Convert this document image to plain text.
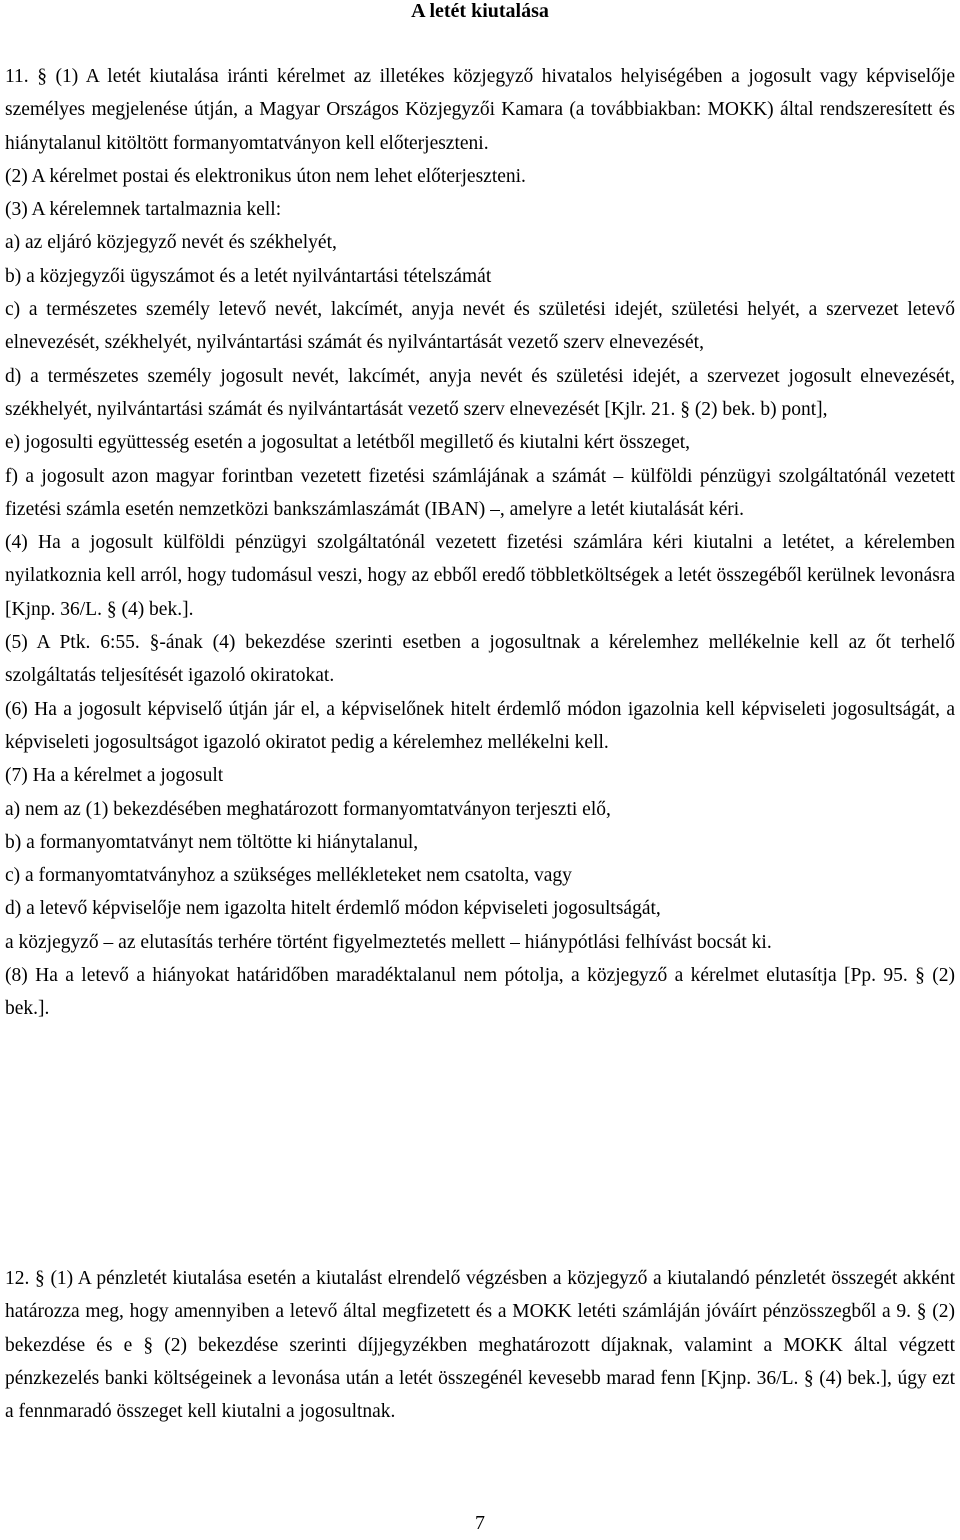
A letét kiutalása

11. § (1) A letét kiutalása iránti kérelmet az illetékes közjegyző hivatalos helyiségében a jogosult vagy képviselője személyes megjelenése útján, a Magyar Országos Közjegyzői Kamara (a továbbiakban: MOKK) által rendszeresített és hiánytalanul kitöltött formanyomtatványon kell előterjeszteni.

(2) A kérelmet postai és elektronikus úton nem lehet előterjeszteni.

(3) A kérelemnek tartalmaznia kell:

a) az eljáró közjegyző nevét és székhelyét,

b) a közjegyzői ügyszámot és a letét nyilvántartási tételszámát

c) a természetes személy letevő nevét, lakcímét, anyja nevét és születési idejét, születési helyét, a szervezet letevő elnevezését, székhelyét, nyilvántartási számát és nyilvántartását vezető szerv elnevezését,

d) a természetes személy jogosult nevét, lakcímét, anyja nevét és születési idejét, a szervezet jogosult elnevezését, székhelyét, nyilvántartási számát és nyilvántartását vezető szerv elnevezését [Kjlr. 21. § (2) bek. b) pont],

e) jogosulti együttesség esetén a jogosultat a letétből megillető és kiutalni kért összeget,

f) a jogosult azon magyar forintban vezetett fizetési számlájának a számát ‒ külföldi pénzügyi szolgáltatónál vezetett fizetési számla esetén nemzetközi bankszámlaszámát (IBAN) ‒, amelyre a letét kiutalását kéri.

(4) Ha a jogosult külföldi pénzügyi szolgáltatónál vezetett fizetési számlára kéri kiutalni a letétet, a kérelemben nyilatkoznia kell arról, hogy tudomásul veszi, hogy az ebből eredő többletköltségek a letét összegéből kerülnek levonásra [Kjnp. 36/L. § (4) bek.].

(5) A Ptk. 6:55. §-ának (4) bekezdése szerinti esetben a jogosultnak a kérelemhez mellékelnie kell az őt terhelő szolgáltatás teljesítését igazoló okiratokat.

(6) Ha a jogosult képviselő útján jár el, a képviselőnek hitelt érdemlő módon igazolnia kell képviseleti jogosultságát, a képviseleti jogosultságot igazoló okiratot pedig a kérelemhez mellékelni kell.

(7) Ha a kérelmet a jogosult

a) nem az (1) bekezdésében meghatározott formanyomtatványon terjeszti elő,

b) a formanyomtatványt nem töltötte ki hiánytalanul,

c) a formanyomtatványhoz a szükséges mellékleteket nem csatolta, vagy

d) a letevő képviselője nem igazolta hitelt érdemlő módon képviseleti jogosultságát,

a közjegyző ‒ az elutasítás terhére történt figyelmeztetés mellett ‒ hiánypótlási felhívást bocsát ki.

(8) Ha a letevő a hiányokat határidőben maradéktalanul nem pótolja, a közjegyző a kérelmet elutasítja [Pp. 95. § (2) bek.].

12. § (1) A pénzletét kiutalása esetén a kiutalást elrendelő végzésben a közjegyző a kiutalandó pénzletét összegét akként határozza meg, hogy amennyiben a letevő által megfizetett és a MOKK letéti számláján jóváírt pénzösszegből a 9. § (2) bekezdése és e § (2) bekezdése szerinti díjjegyzékben meghatározott díjaknak, valamint a MOKK által végzett pénzkezelés banki költségeinek a levonása után a letét összegénél kevesebb marad fenn [Kjnp. 36/L. § (4) bek.], úgy ezt a fennmaradó összeget kell kiutalni a jogosultnak.

7
